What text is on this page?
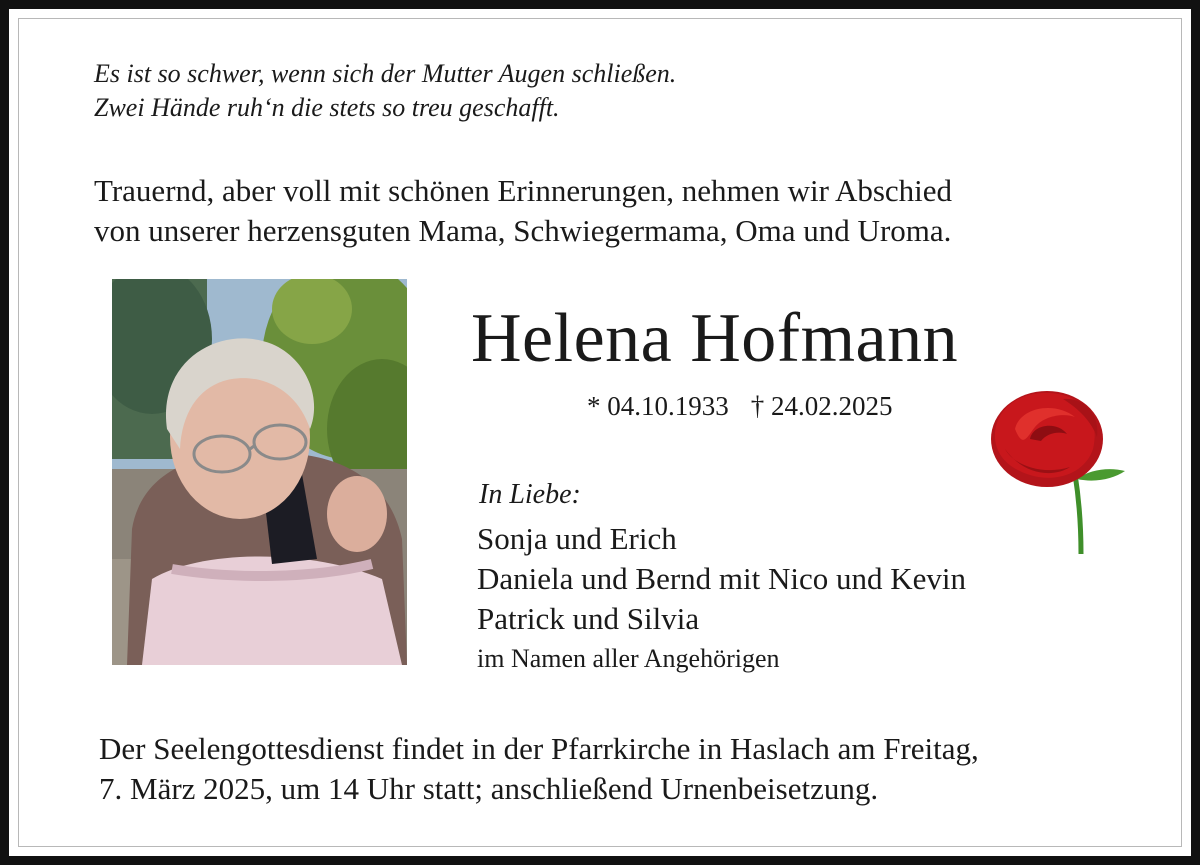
Es ist so schwer, wenn sich der Mutter Augen schließen.
Zwei Hände ruh‘n die stets so treu geschafft.
Trauernd, aber voll mit schönen Erinnerungen, nehmen wir Abschied
von unserer herzensguten Mama, Schwiegermama, Oma und Uroma.
Helena Hofmann
* 04.10.1933 † 24.02.2025
In Liebe:
Sonja und Erich
Daniela und Bernd mit Nico und Kevin
Patrick und Silvia
im Namen aller Angehörigen
Der Seelengottesdienst findet in der Pfarrkirche in Haslach am Freitag,
7. März 2025, um 14 Uhr statt; anschließend Urnenbeisetzung.
